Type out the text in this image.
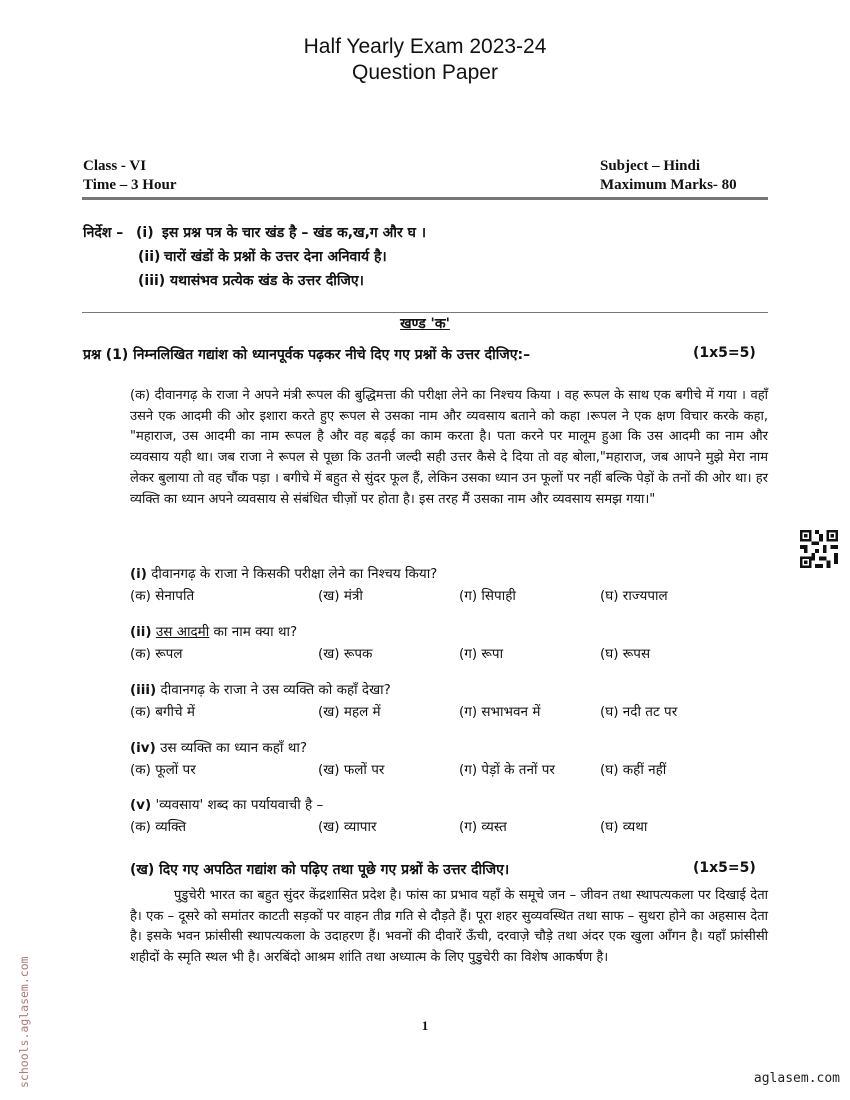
Half Yearly Exam 2023-24
Question Paper
Class - VI
Time – 3 Hour
Subject – Hindi
Maximum Marks- 80
निर्देश – (i) इस प्रश्न पत्र के चार खंड है – खंड क,ख,ग और घ ।
(ii) चारों खंडों के प्रश्नों के उत्तर देना अनिवार्य है।
(iii) यथासंभव प्रत्येक खंड के उत्तर दीजिए।
खण्ड 'क'
प्रश्न (1) निम्नलिखित गद्यांश को ध्यानपूर्वक पढ़कर नीचे दिए गए प्रश्नों के उत्तर दीजिए:–	(1x5=5)
(क) दीवानगढ़ के राजा ने अपने मंत्री रूपल की बुद्धिमत्ता की परीक्षा लेने का निश्चय किया । वह रूपल के साथ एक बगीचे में गया । वहाँ उसने एक आदमी की ओर इशारा करते हुए रूपल से उसका नाम और व्यवसाय बताने को कहा ।रूपल ने एक क्षण विचार करके कहा, "महाराज, उस आदमी का नाम रूपल है और वह बढ़ई का काम करता है। पता करने पर मालूम हुआ कि उस आदमी का नाम और व्यवसाय यही था। जब राजा ने रूपल से पूछा कि उतनी जल्दी सही उत्तर कैसे दे दिया तो वह बोला,"महाराज, जब आपने मुझे मेरा नाम लेकर बुलाया तो वह चौंक पड़ा । बगीचे में बहुत से सुंदर फूल हैं, लेकिन उसका ध्यान उन फूलों पर नहीं बल्कि पेड़ों के तनों की ओर था। हर व्यक्ति का ध्यान अपने व्यवसाय से संबंधित चीज़ों पर होता है। इस तरह मैं उसका नाम और व्यवसाय समझ गया।"
(i) दीवानगढ़ के राजा ने किसकी परीक्षा लेने का निश्चय किया?
(क) सेनापति	(ख) मंत्री	(ग) सिपाही	(घ) राज्यपाल
(ii) उस आदमी का नाम क्या था?
(क) रूपल	(ख) रूपक	(ग) रूपा	(घ) रूपस
(iii) दीवानगढ़ के राजा ने उस व्यक्ति को कहाँ देखा?
(क) बगीचे में	(ख) महल में	(ग) सभाभवन में	(घ) नदी तट पर
(iv) उस व्यक्ति का ध्यान कहाँ था?
(क) फूलों पर	(ख) फलों पर	(ग) पेड़ों के तनों पर	(घ) कहीं नहीं
(v) 'व्यवसाय' शब्द का पर्यायवाची है –
(क) व्यक्ति	(ख) व्यापार	(ग) व्यस्त	(घ) व्यथा
(ख) दिए गए अपठित गद्यांश को पढ़िए तथा पूछे गए प्रश्नों के उत्तर दीजिए।	(1x5=5)
पुडुचेरी भारत का बहुत सुंदर केंद्रशासित प्रदेश है। फांस का प्रभाव यहाँ के समूचे जन – जीवन तथा स्थापत्यकला पर दिखाई देता है। एक – दूसरे को समांतर काटती सड़कों पर वाहन तीव्र गति से दौड़ते हैं। पूरा शहर सुव्यवस्थित तथा साफ – सुथरा होने का अहसास देता है। इसके भवन फ्रांसीसी स्थापत्यकला के उदाहरण हैं। भवनों की दीवारें ऊँची, दरवाज़े चौड़े तथा अंदर एक खुला आँगन है। यहाँ फ्रांसीसी शहीदों के स्मृति स्थल भी है। अरबिंदो आश्रम शांति तथा अध्यात्म के लिए पुडुचेरी का विशेष आकर्षण है।
schools.aglasem.com	1
aglasem.com
